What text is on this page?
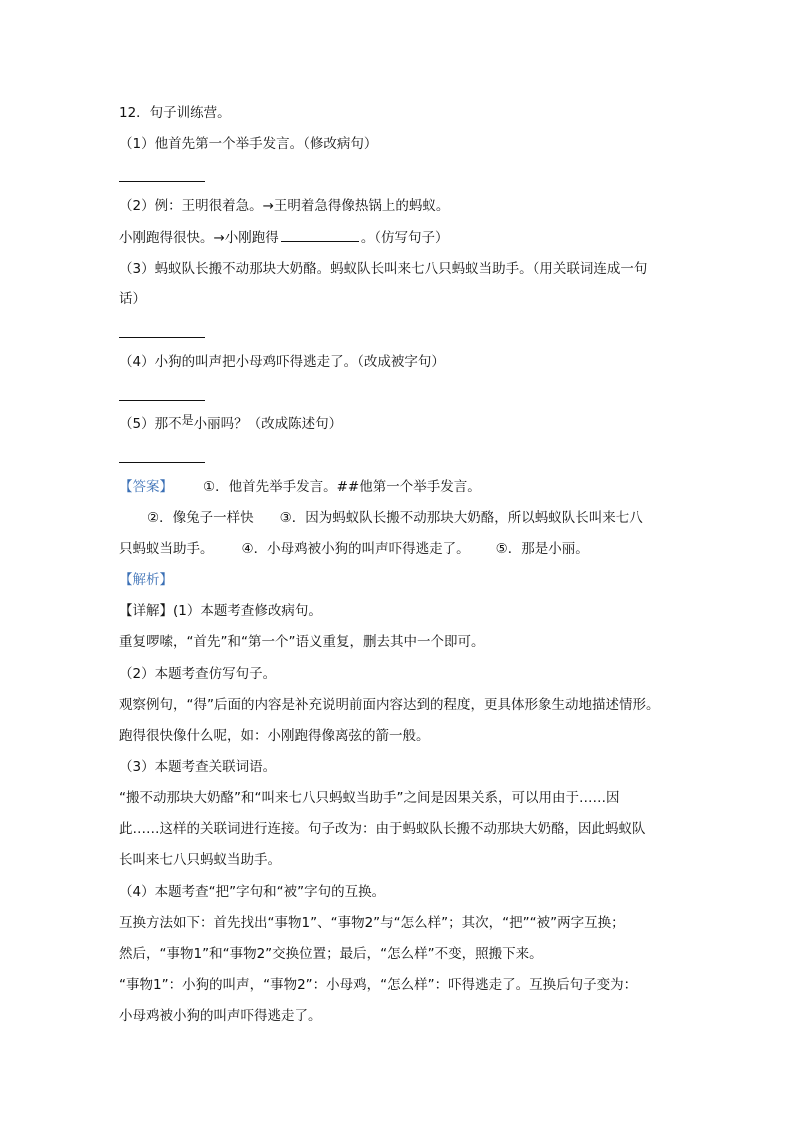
12．句子训练营。
（1）他首先第一个举手发言。（修改病句）
（2）例：王明很着急。→王明着急得像热锅上的蚂蚁。
小刚跑得很快。→小刚跑得	。（仿写句子）
（3）蚂蚁队长搬不动那块大奶酪。蚂蚁队长叫来七八只蚂蚁当助手。（用关联词连成一句
话）
（4）小狗的叫声把小母鸡吓得逃走了。（改成被字句）
（5）那不是小丽吗？（改成陈述句）
【答案】 ①．他首先举手发言。##他第一个举手发言。
②．像兔子一样快 ③．因为蚂蚁队长搬不动那块大奶酪，所以蚂蚁队长叫来七八
只蚂蚁当助手。 ④．小母鸡被小狗的叫声吓得逃走了。 ⑤．那是小丽。
【解析】
【详解】(1）本题考查修改病句。
重复啰嗦，“首先”和“第一个”语义重复，删去其中一个即可。
（2）本题考查仿写句子。
观察例句，“得”后面的内容是补充说明前面内容达到的程度，更具体形象生动地描述情形。
跑得很快像什么呢，如：小刚跑得像离弦的箭一般。
（3）本题考查关联词语。
“搬不动那块大奶酪”和“叫来七八只蚂蚁当助手”之间是因果关系，可以用由于……因
此……这样的关联词进行连接。句子改为：由于蚂蚁队长搬不动那块大奶酪，因此蚂蚁队
长叫来七八只蚂蚁当助手。
（4）本题考查“把”字句和“被”字句的互换。
互换方法如下：首先找出“事物1”、“事物2”与“怎么样”；其次，“把”“被”两字互换；
然后，“事物1”和“事物2”交换位置；最后，“怎么样”不变，照搬下来。
“事物1”：小狗的叫声，“事物2”：小母鸡，“怎么样”：吓得逃走了。互换后句子变为：
小母鸡被小狗的叫声吓得逃走了。
